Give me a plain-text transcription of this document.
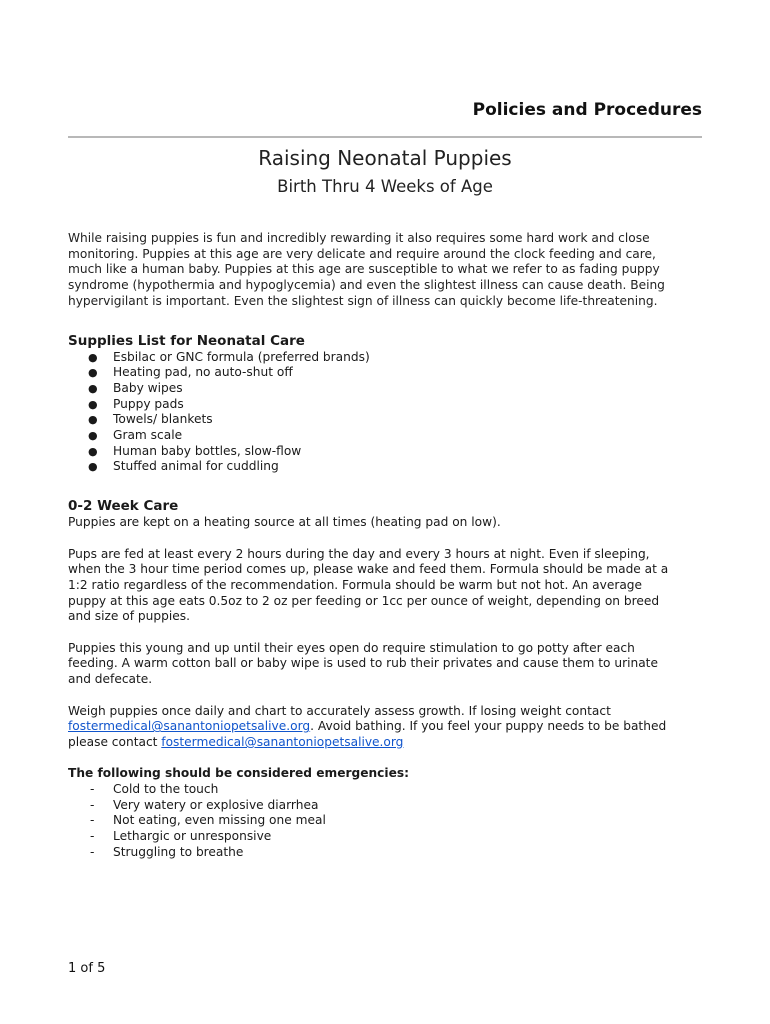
Policies and Procedures
Raising Neonatal Puppies
Birth Thru 4 Weeks of Age

While raising puppies is fun and incredibly rewarding it also requires some hard work and close
monitoring. Puppies at this age are very delicate and require around the clock feeding and care,
much like a human baby. Puppies at this age are susceptible to what we refer to as fading puppy
syndrome (hypothermia and hypoglycemia) and even the slightest illness can cause death. Being
hypervigilant is important. Even the slightest sign of illness can quickly become life-threatening.

Supplies List for Neonatal Care
● Esbilac or GNC formula (preferred brands)
● Heating pad, no auto-shut off
● Baby wipes
● Puppy pads
● Towels/ blankets
● Gram scale
● Human baby bottles, slow-flow
● Stuffed animal for cuddling
0-2 Week Care

Puppies are kept on a heating source at all times (heating pad on low).

Pups are fed at least every 2 hours during the day and every 3 hours at night. Even if sleeping,
when the 3 hour time period comes up, please wake and feed them. Formula should be made at a
1:2 ratio regardless of the recommendation. Formula should be warm but not hot. An average
puppy at this age eats 0.5oz to 2 oz per feeding or 1cc per ounce of weight, depending on breed
and size of puppies.

Puppies this young and up until their eyes open do require stimulation to go potty after each
feeding. A warm cotton ball or baby wipe is used to rub their privates and cause them to urinate
and defecate.

Weigh puppies once daily and chart to accurately assess growth. If losing weight contact
fostermedical@sanantoniopetsalive.org. Avoid bathing. If you feel your puppy needs to be bathed
please contact fostermedical@sanantoniopetsalive.org

The following should be considered emergencies:

- Cold to the touch
- Very watery or explosive diarrhea
- Not eating, even missing one meal
- Lethargic or unresponsive
- Struggling to breathe
1 of 5
